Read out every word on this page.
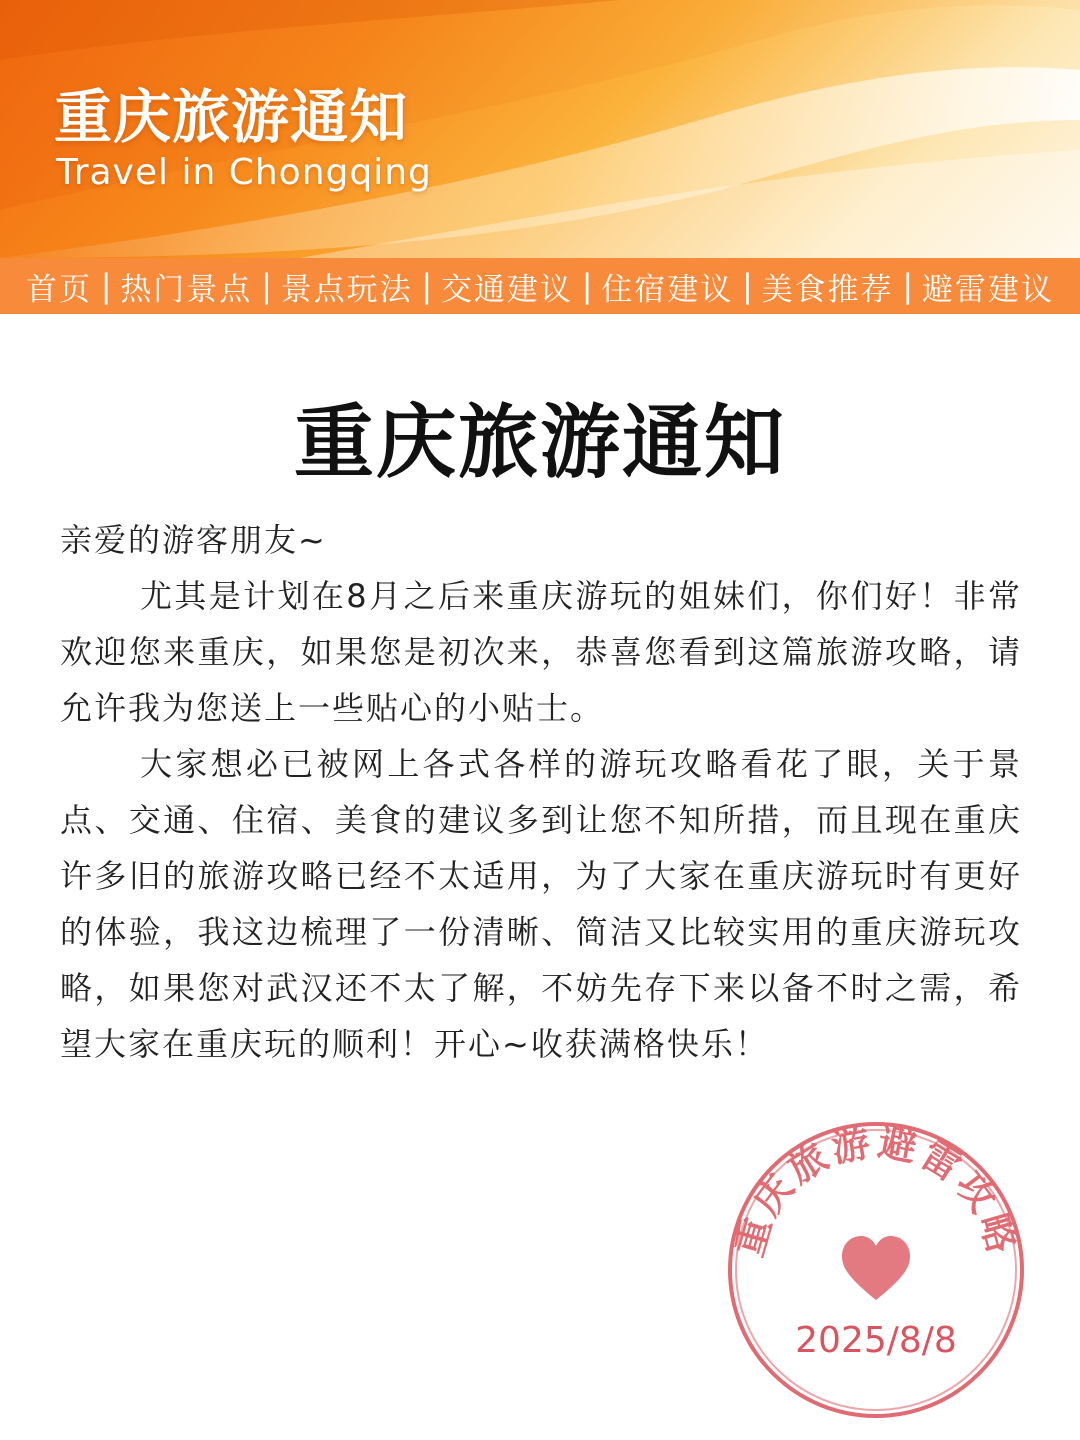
重庆旅游通知
Travel in Chongqing
首页 | 热门景点 | 景点玩法 | 交通建议 | 住宿建议 | 美食推荐 | 避雷建议
重庆旅游通知

亲爱的游客朋友~

尤其是计划在8月之后来重庆游玩的姐妹们，你们好！非常欢迎您来重庆，如果您是初次来，恭喜您看到这篇旅游攻略，请允许我为您送上一些贴心的小贴士。

大家想必已被网上各式各样的游玩攻略看花了眼，关于景点、交通、住宿、美食的建议多到让您不知所措，而且现在重庆许多旧的旅游攻略已经不太适用，为了大家在重庆游玩时有更好的体验，我这边梳理了一份清晰、简洁又比较实用的重庆游玩攻略，如果您对武汉还不太了解，不妨先存下来以备不时之需，希望大家在重庆玩的顺利！开心~收获满格快乐！

重庆旅游避雷攻略
2025/8/8
